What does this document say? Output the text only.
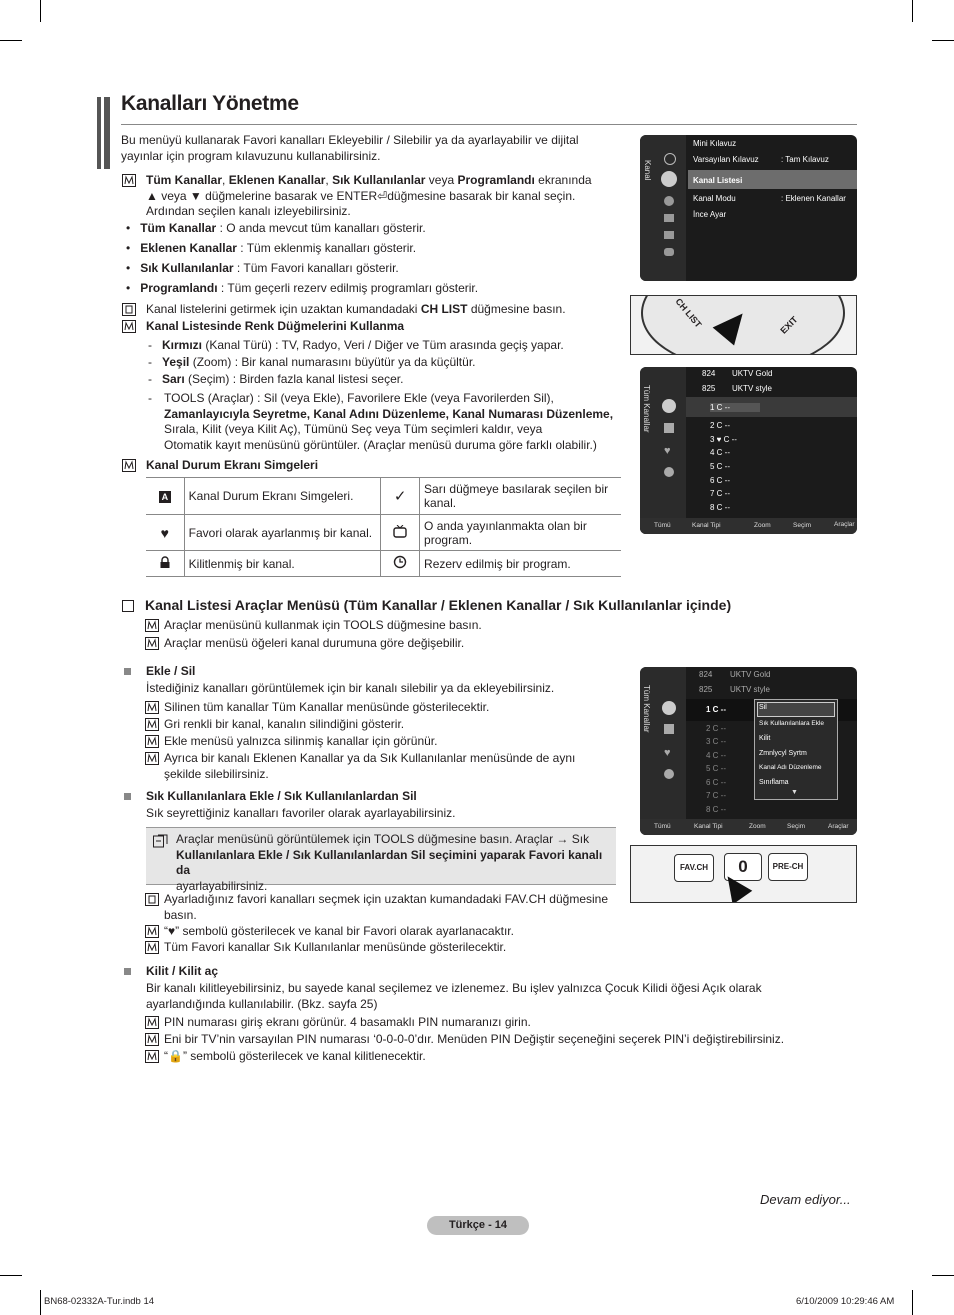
Kanalları Yönetme
Bu menüyü kullanarak Favori kanalları Ekleyebilir / Silebilir ya da ayarlayabilir ve dijital yayınlar için program kılavuzunu kullanabilirsiniz.
Tüm Kanallar, Eklenen Kanallar, Sık Kullanılanlar veya Programlandı ekranında
▲ veya ▼ düğmelerine basarak ve ENTER⏎düğmesine basarak bir kanal seçin.
Ardından seçilen kanalı izleyebilirsiniz.
•   Tüm Kanallar : O anda mevcut tüm kanalları gösterir.
•   Eklenen Kanallar : Tüm eklenmiş kanalları gösterir.
•   Sık Kullanılanlar : Tüm Favori kanalları gösterir.
•   Programlandı : Tüm geçerli rezerv edilmiş programları gösterir.
Kanal listelerini getirmek için uzaktan kumandadaki CH LIST düğmesine basın.
Kanal Listesinde Renk Düğmelerini Kullanma
-   Kırmızı (Kanal Türü) : TV, Radyo, Veri / Diğer ve Tüm arasında geçiş yapar.
-   Yeşil (Zoom) : Bir kanal numarasını büyütür ya da küçültür.
-   Sarı (Seçim) : Birden fazla kanal listesi seçer.
- TOOLS (Araçlar) : Sil (veya Ekle), Favorilere Ekle (veya Favorilerden Sil),
Zamanlayıcıyla Seyretme, Kanal Adını Düzenleme, Kanal Numarası Düzenleme,
Sırala, Kilit (veya Kilit Aç), Tümünü Seç veya Tüm seçimleri kaldır, veya
Otomatik kayıt menüsünü görüntüler. (Araçlar menüsü duruma göre farklı olabilir.)
Kanal Durum Ekranı Simgeleri
A	Kanal Durum Ekranı Simgeleri.	✓	Sarı düğmeye basılarak seçilen bir kanal.
♥	Favori olarak ayarlanmış bir kanal.		O anda yayınlanmakta olan bir program.
	Kilitlenmiş bir kanal.		Rezerv edilmiş bir program.
Kanal Listesi Araçlar Menüsü (Tüm Kanallar / Eklenen Kanallar / Sık Kullanılanlar içinde)
Araçlar menüsünü kullanmak için TOOLS düğmesine basın.
Araçlar menüsü öğeleri kanal durumuna göre değişebilir.
Ekle / Sil
İstediğiniz kanalları görüntülemek için bir kanalı silebilir ya da ekleyebilirsiniz.
Silinen tüm kanallar Tüm Kanallar menüsünde gösterilecektir.
Gri renkli bir kanal, kanalın silindiğini gösterir.
Ekle menüsü yalnızca silinmiş kanallar için görünür.
Ayrıca bir kanalı Eklenen Kanallar ya da Sık Kullanılanlar menüsünde de aynı
şekilde silebilirsiniz.
Sık Kullanılanlara Ekle / Sık Kullanılanlardan Sil
Sık seyrettiğiniz kanalları favoriler olarak ayarlayabilirsiniz.
Araçlar menüsünü görüntülemek için TOOLS düğmesine basın. Araçlar → Sık
Kullanılanlara Ekle / Sık Kullanılanlardan Sil seçimini yaparak Favori kanalı da
ayarlayabilirsiniz.
Ayarladığınız favori kanalları seçmek için uzaktan kumandadaki FAV.CH düğmesine
basın.
“♥” sembolü gösterilecek ve kanal bir Favori olarak ayarlanacaktır.
Tüm Favori kanallar Sık Kullanılanlar menüsünde gösterilecektir.
Kilit / Kilit aç
Bir kanalı kilitleyebilirsiniz, bu sayede kanal seçilemez ve izlenemez. Bu işlev yalnızca Çocuk Kilidi öğesi Açık olarak
ayarlandığında kullanılabilir. (Bkz. sayfa 25)
PIN numarası giriş ekranı görünür. 4 basamaklı PIN numaranızı girin.
Eni bir TV’nin varsayılan PIN numarası ‘0-0-0-0’dır. Menüden PIN Değiştir seçeneğini seçerek PIN’i değiştirebilirsiniz.
“🔒” sembolü gösterilecek ve kanal kilitlenecektir.
Kanal
Mini Kılavuz
Varsayılan Kılavuz	: Tam Kılavuz
Kanal Listesi
Kanal Modu	: Eklenen Kanallar
İnce Ayar
CH LIST	EXIT
Tüm Kanallar
♥
824 UKTV Gold
825 UKTV style
1 C --
2 C --
3 ♥ C --
4 C --
5 C --
6 C --
7 C --
8 C --
Tümü	Kanal Tipi	Zoom	Seçim	Araçlar
Tüm Kanallar
♥
824 UKTV Gold
825 UKTV style
1 C --
2 C --
3 C --
4 C --
5 C --
6 C --
7 C --
8 C --
Sil
Sık Kullanılanlara Ekle
Kilit
Zmnlycyl Syrtm
Kanal Adı Düzenleme
Sınıflama
▼
Tümü	Kanal Tipi	Zoom	Seçim	Araçlar
FAV.CH	0	PRE-CH
Devam ediyor...
Türkçe - 14
BN68-02332A-Tur.indb 14	6/10/2009 10:29:46 AM
